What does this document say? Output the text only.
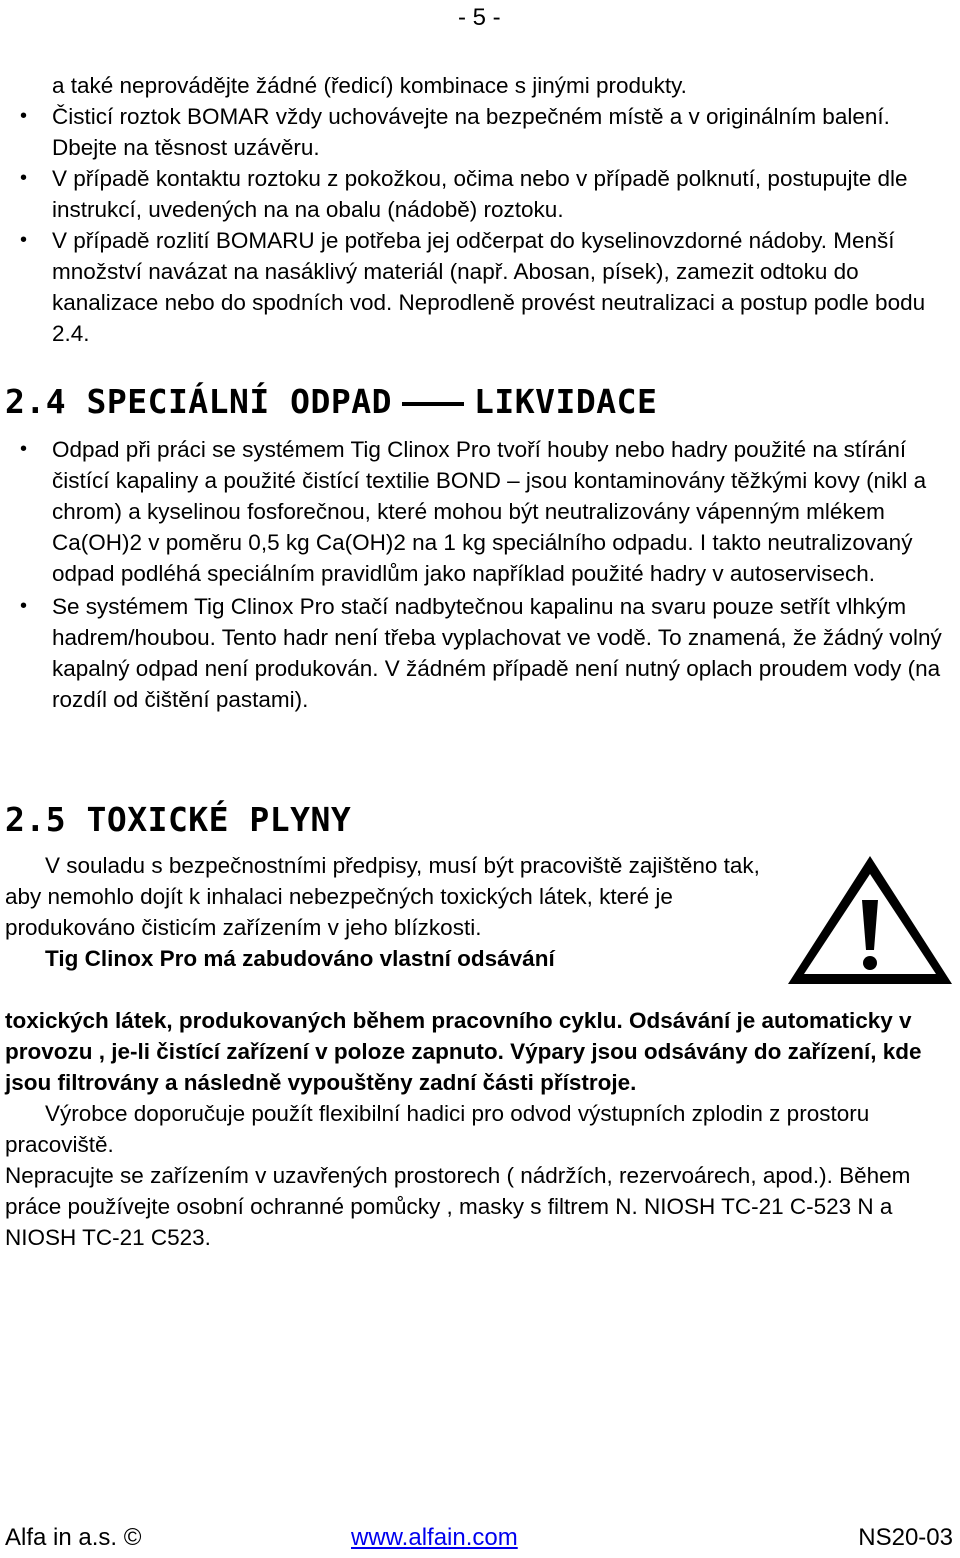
- 5 -

a také neprovádějte žádné (ředicí) kombinace s jinými produkty.

• Čisticí roztok BOMAR vždy uchovávejte na bezpečném místě a v originálním balení. Dbejte na těsnost uzávěru.

• V případě kontaktu roztoku z pokožkou, očima nebo v případě polknutí, postupujte dle instrukcí, uvedených na na obalu (nádobě) roztoku.

• V případě rozlití BOMARU je potřeba jej odčerpat do kyselinovzdorné nádoby. Menší množství navázat na nasáklivý materiál (např. Abosan, písek), zamezit odtoku do kanalizace nebo do spodních vod. Neprodleně provést neutralizaci a postup podle bodu 2.4.

2.4 SPECIÁLNÍ ODPAD LIKVIDACE

• Odpad při práci se systémem Tig Clinox Pro tvoří houby nebo hadry použité na stírání čistící kapaliny a použité čistící textilie BOND – jsou kontaminovány těžkými kovy (nikl a chrom) a kyselinou fosforečnou, které mohou být neutralizovány vápenným mlékem Ca(OH)2 v poměru 0,5 kg Ca(OH)2 na 1 kg speciálního odpadu. I takto neutralizovaný odpad podléhá speciálním pravidlům jako například použité hadry v autoservisech.

• Se systémem Tig Clinox Pro stačí nadbytečnou kapalinu na svaru pouze setřít vlhkým hadrem/houbou. Tento hadr není třeba vyplachovat ve vodě. To znamená, že žádný volný kapalný odpad není produkován. V žádném případě není nutný oplach proudem vody (na rozdíl od čištění pastami).

2.5 TOXICKÉ PLYNY

V souladu s bezpečnostními předpisy, musí být pracoviště zajištěno tak, aby nemohlo dojít k inhalaci nebezpečných toxických látek, které je produkováno čisticím zařízením v jeho blízkosti.

Tig Clinox Pro má zabudováno vlastní odsávání

toxických látek, produkovaných během pracovního cyklu. Odsávání je automaticky v provozu , je-li čistící zařízení v poloze zapnuto. Výpary jsou odsávány do zařízení, kde jsou filtrovány a následně vypouštěny zadní části přístroje.

Výrobce doporučuje použít flexibilní hadici pro odvod výstupních zplodin z prostoru pracoviště.

Nepracujte se zařízením v uzavřených prostorech ( nádržích, rezervoárech, apod.). Během práce používejte osobní ochranné pomůcky , masky s filtrem N. NIOSH TC-21 C-523 N a NIOSH TC-21 C523.

Alfa in a.s. ©	www.alfain.com	NS20-03
